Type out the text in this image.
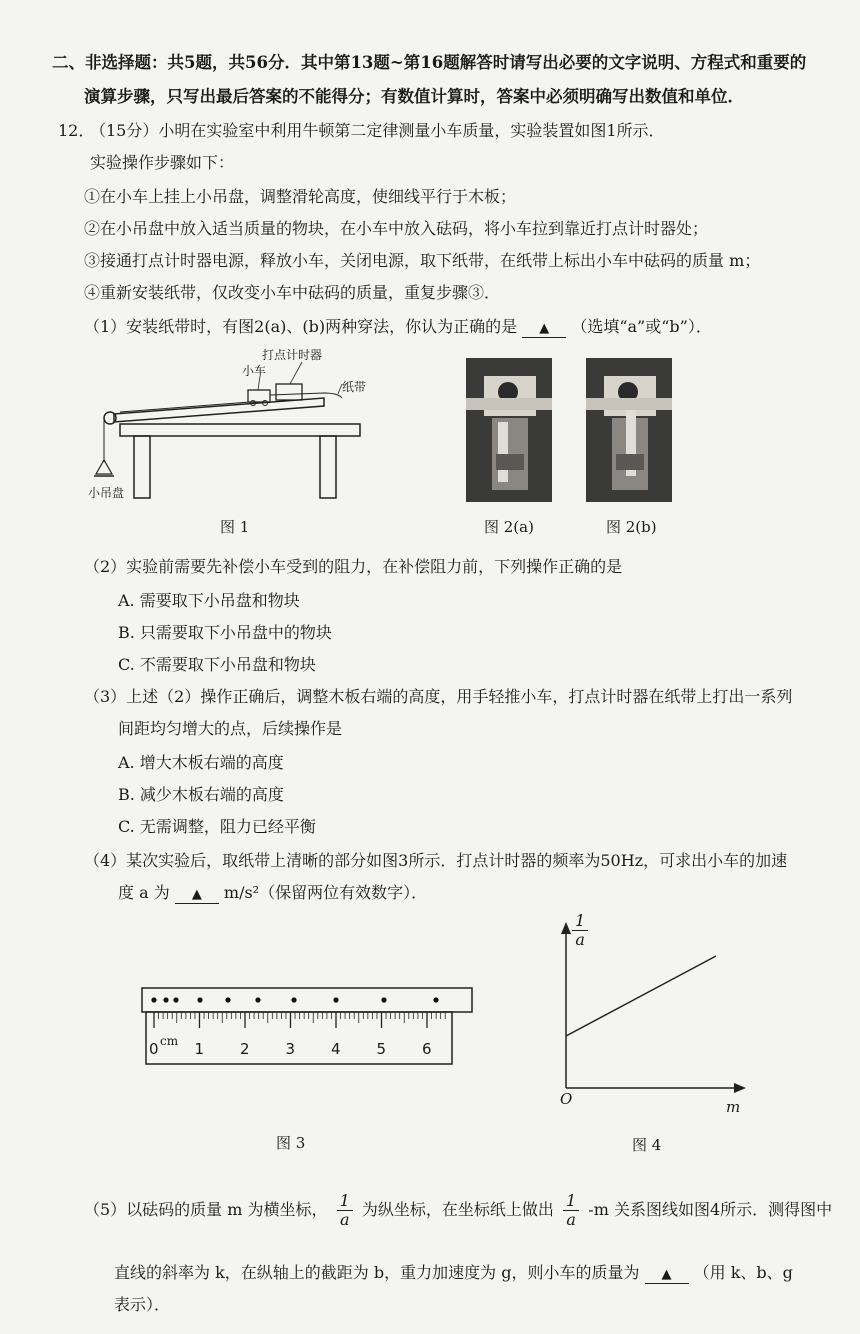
二、非选择题：共5题，共56分．其中第13题~第16题解答时请写出必要的文字说明、方程式和重要的
演算步骤，只写出最后答案的不能得分；有数值计算时，答案中必须明确写出数值和单位．
12．
（15分）小明在实验室中利用牛顿第二定律测量小车质量，实验装置如图1所示．
实验操作步骤如下：
①在小车上挂上小吊盘，调整滑轮高度，使细线平行于木板；
②在小吊盘中放入适当质量的物块，在小车中放入砝码，将小车拉到靠近打点计时器处；
③接通打点计时器电源，释放小车，关闭电源，取下纸带，在纸带上标出小车中砝码的质量 m；
④重新安装纸带，仅改变小车中砝码的质量，重复步骤③．
（1）安装纸带时，有图2(a)、(b)两种穿法，你认为正确的是 ▲ （选填“a”或“b”）．
打点计时器
小车
纸带
小吊盘
图 1	图 2(a)	图 2(b)
（2）实验前需要先补偿小车受到的阻力，在补偿阻力前，下列操作正确的是
A. 需要取下小吊盘和物块
B. 只需要取下小吊盘中的物块
C. 不需要取下小吊盘和物块
（3）上述（2）操作正确后，调整木板右端的高度，用手轻推小车，打点计时器在纸带上打出一系列
间距均匀增大的点，后续操作是
A. 增大木板右端的高度
B. 减少木板右端的高度
C. 无需调整，阻力已经平衡
（4）某次实验后，取纸带上清晰的部分如图3所示．打点计时器的频率为50Hz，可求出小车的加速
度 a 为 ▲ m/s²（保留两位有效数字）．
0 1 2 3 4 5 6
cm
图 3
$\frac{1}{a}$
O	m
图 4
（5）以砝码的质量 m 为横坐标， $\frac{1}{a}$ 为纵坐标，在坐标纸上做出 $\frac{1}{a} -m$ 关系图线如图4所示．测得图中
直线的斜率为 k，在纵轴上的截距为 b，重力加速度为 g，则小车的质量为 ▲ （用 k、b、g
表示）．
